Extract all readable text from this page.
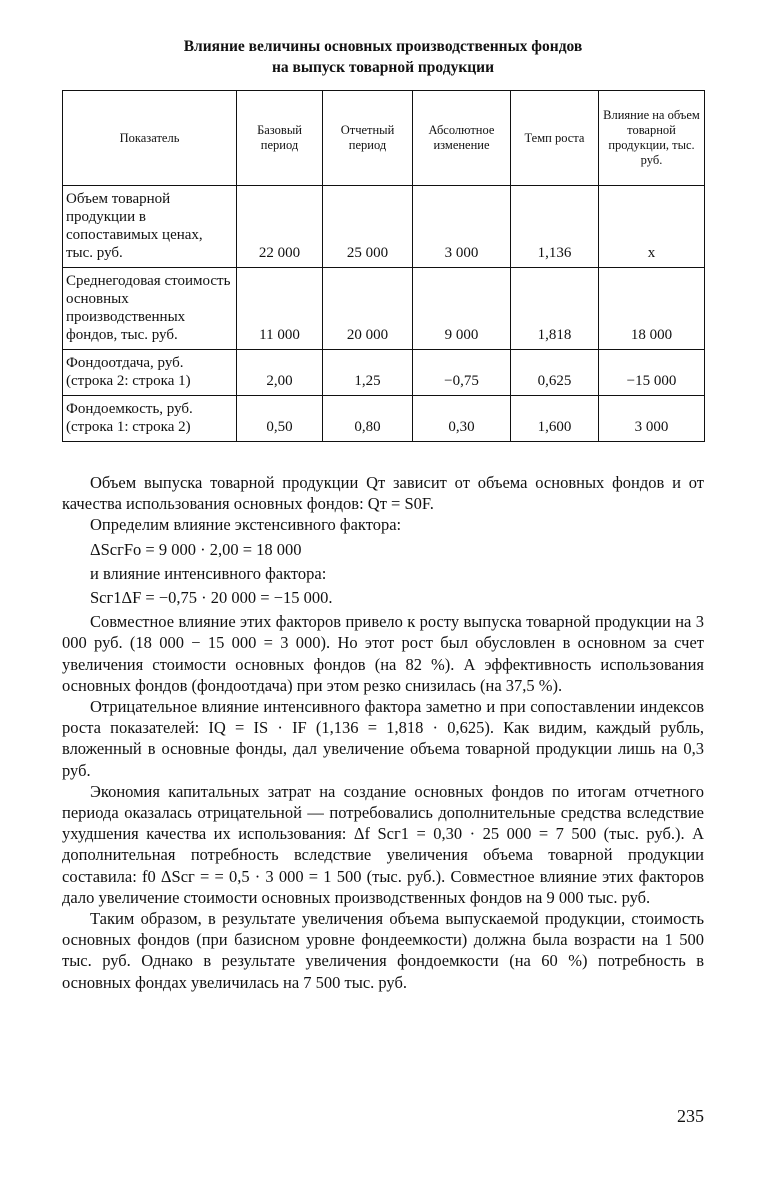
Влияние величины основных производственных фондов
на выпуск товарной продукции
Показатель	Базовый период	Отчетный период	Абсолютное изменение	Темп роста	Влияние на объем товарной продукции, тыс. руб.
Объем товарной продукции в сопоставимых ценах, тыс. руб.	22 000	25 000	3 000	1,136	х
Среднегодовая стоимость основных производственных фондов, тыс. руб.	11 000	20 000	9 000	1,818	18 000
Фондоотдача, руб. (строка 2: строка 1)	2,00	1,25	−0,75	0,625	−15 000
Фондоемкость, руб. (строка 1: строка 2)	0,50	0,80	0,30	1,600	3 000

Объем выпуска товарной продукции Qт зависит от объема основных фондов и от качества использования основных фондов: Qт = S0F.

Определим влияние экстенсивного фактора:

ΔSсгFо = 9 000 · 2,00 = 18 000

и влияние интенсивного фактора:

Sсг1ΔF = −0,75 · 20 000 = −15 000.

Совместное влияние этих факторов привело к росту выпуска товарной продукции на 3 000 руб. (18 000 − 15 000 = 3 000). Но этот рост был обусловлен в основном за счет увеличения стоимости основных фондов (на 82 %). А эффективность использования основных фондов (фондоотдача) при этом резко снизилась (на 37,5 %).

Отрицательное влияние интенсивного фактора заметно и при сопоставлении индексов роста показателей: IQ = IS · IF (1,136 = 1,818 · 0,625). Как видим, каждый рубль, вложенный в основные фонды, дал увеличение объема товарной продукции лишь на 0,3 руб.

Экономия капитальных затрат на создание основных фондов по итогам отчетного периода оказалась отрицательной — потребовались дополнительные средства вследствие ухудшения качества их использования: Δf Sсг1 = 0,30 · 25 000 = 7 500 (тыс. руб.). А дополнительная потребность вследствие увеличения объема товарной продукции составила: f0 ΔSсг = = 0,5 · 3 000 = 1 500 (тыс. руб.). Совместное влияние этих факторов дало увеличение стоимости основных производственных фондов на 9 000 тыс. руб.

Таким образом, в результате увеличения объема выпускаемой продукции, стоимость основных фондов (при базисном уровне фондеемкости) должна была возрасти на 1 500 тыс. руб. Однако в результате увеличения фондоемкости (на 60 %) потребность в основных фондах увеличилась на 7 500 тыс. руб.

235
